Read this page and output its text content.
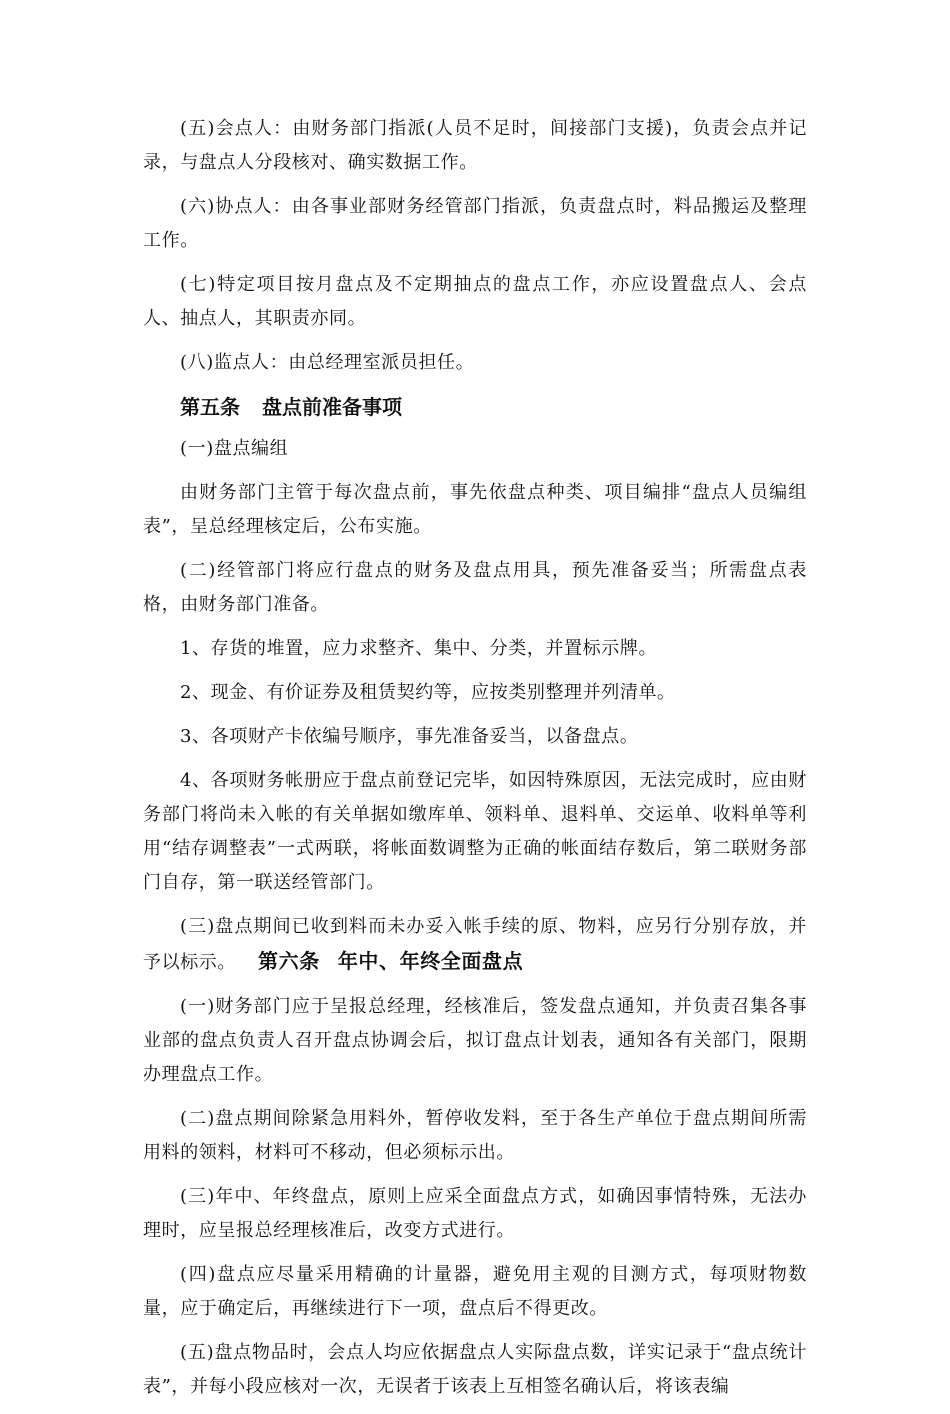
(五)会点人：由财务部门指派(人员不足时，间接部门支援)，负责会点并记录，与盘点人分段核对、确实数据工作。

(六)协点人：由各事业部财务经管部门指派，负责盘点时，料品搬运及整理工作。

(七)特定项目按月盘点及不定期抽点的盘点工作，亦应设置盘点人、会点人、抽点人，其职责亦同。

(八)监点人：由总经理室派员担任。

第五条 盘点前准备事项

(一)盘点编组

由财务部门主管于每次盘点前，事先依盘点种类、项目编排“盘点人员编组表”，呈总经理核定后，公布实施。

(二)经管部门将应行盘点的财务及盘点用具，预先准备妥当；所需盘点表格，由财务部门准备。

1、存货的堆置，应力求整齐、集中、分类，并置标示牌。

2、现金、有价证券及租赁契约等，应按类别整理并列清单。

3、各项财产卡依编号顺序，事先准备妥当，以备盘点。

4、各项财务帐册应于盘点前登记完毕，如因特殊原因，无法完成时，应由财务部门将尚未入帐的有关单据如缴库单、领料单、退料单、交运单、收料单等利用“结存调整表”一式两联，将帐面数调整为正确的帐面结存数后，第二联财务部门自存，第一联送经管部门。

(三)盘点期间已收到料而未办妥入帐手续的原、物料，应另行分别存放，并予以标示。 第六条 年中、年终全面盘点

(一)财务部门应于呈报总经理，经核准后，签发盘点通知，并负责召集各事业部的盘点负责人召开盘点协调会后，拟订盘点计划表，通知各有关部门，限期办理盘点工作。

(二)盘点期间除紧急用料外，暂停收发料，至于各生产单位于盘点期间所需用料的领料，材料可不移动，但必须标示出。

(三)年中、年终盘点，原则上应采全面盘点方式，如确因事情特殊，无法办理时，应呈报总经理核准后，改变方式进行。

(四)盘点应尽量采用精确的计量器，避免用主观的目测方式，每项财物数量，应于确定后，再继续进行下一项，盘点后不得更改。

(五)盘点物品时，会点人均应依据盘点人实际盘点数，详实记录于“盘点统计表”，并每小段应核对一次，无误者于该表上互相签名确认后，将该表编
